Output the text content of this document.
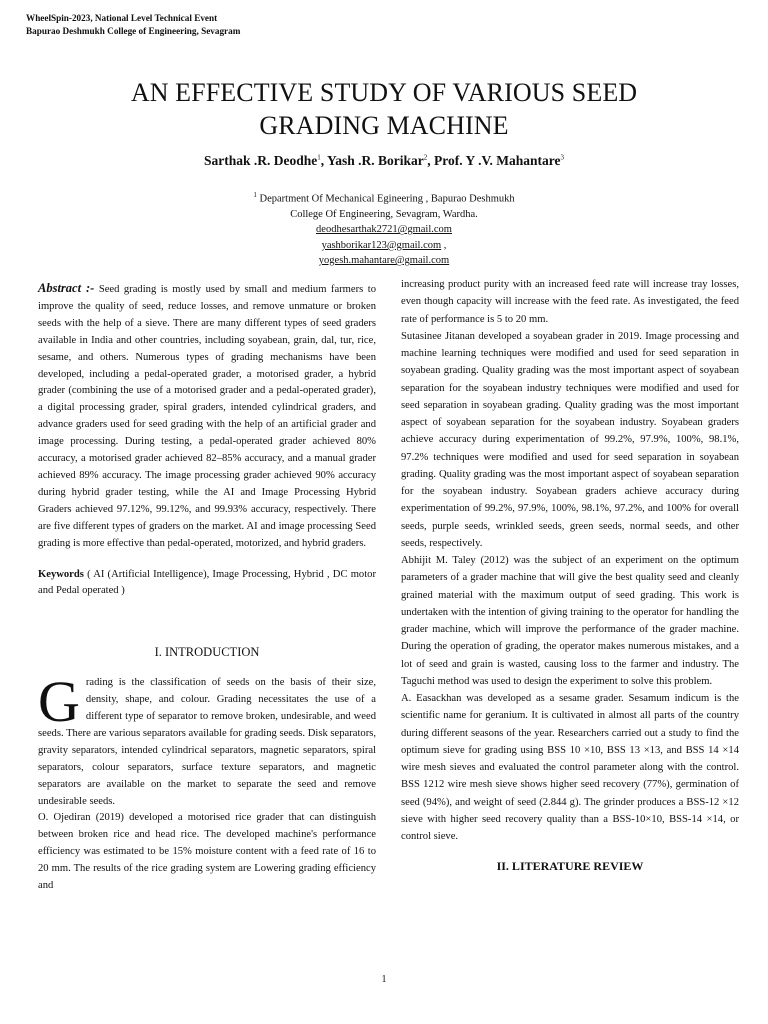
WheelSpin-2023, National Level Technical Event
Bapurao Deshmukh College of Engineering, Sevagram
AN EFFECTIVE STUDY OF VARIOUS SEED
GRADING MACHINE
Sarthak .R. Deodhe$^1$, Yash .R. Borikar$^2$, Prof. Y .V. Mahantare$^3$
$^1$ Department Of Mechanical Egineering , Bapurao Deshmukh
College Of Engineering, Sevagram, Wardha.
deodhesarthak2721@gmail.com
yashborikar123@gmail.com ,
yogesh.mahantare@gmail.com

Abstract :- Seed grading is mostly used by small and medium farmers to improve the quality of seed, reduce losses, and remove unmature or broken seeds with the help of a sieve. There are many different types of seed graders available in India and other countries, including soyabean, grain, dal, tur, rice, sesame, and others. Numerous types of grading mechanisms have been developed, including a pedal-operated grader, a motorised grader, a hybrid grader (combining the use of a motorised grader and a pedal-operated grader), a digital processing grader, spiral graders, intended cylindrical graders, and advance graders used for seed grading with the help of an artificial grader and image processing. During testing, a pedal-operated grader achieved 80% accuracy, a motorised grader achieved 82–85% accuracy, and a manual grader achieved 89% accuracy. The image processing grader achieved 90% accuracy during hybrid grader testing, while the AI and Image Processing Hybrid Graders achieved 97.12%, 99.12%, and 99.93% accuracy, respectively. There are five different types of graders on the market. AI and image processing Seed grading is more effective than pedal-operated, motorized, and hybrid graders.

Keywords ( AI (Artificial Intelligence), Image Processing, Hybrid , DC motor and Pedal operated )

I. INTRODUCTION

Grading is the classification of seeds on the basis of their size, density, shape, and colour. Grading necessitates the use of a different type of separator to remove broken, undesirable, and weed seeds. There are various separators available for grading seeds. Disk separators, gravity separators, intended cylindrical separators, magnetic separators, spiral separators, colour separators, surface texture separators, and magnetic separators are available on the market to separate the seed and remove undesirable seeds.

O. Ojediran (2019) developed a motorised rice grader that can distinguish between broken rice and head rice. The developed machine's performance efficiency was estimated to be 15% moisture content with a feed rate of 16 to 20 mm. The results of the rice grading system are Lowering grading efficiency and

increasing product purity with an increased feed rate will increase tray losses, even though capacity will increase with the feed rate. As investigated, the feed rate of performance is 5 to 20 mm.

Sutasinee Jitanan developed a soyabean grader in 2019. Image processing and machine learning techniques were modified and used for seed separation in soyabean grading. Quality grading was the most important aspect of soyabean separation for the soyabean industry techniques were modified and used for seed separation in soyabean grading. Quality grading was the most important aspect of soyabean separation for the soyabean industry. Soyabean graders achieve accuracy during experimentation of 99.2%, 97.9%, 100%, 98.1%, 97.2% techniques were modified and used for seed separation in soyabean grading. Quality grading was the most important aspect of soyabean separation for the soyabean industry. Soyabean graders achieve accuracy during experimentation of 99.2%, 97.9%, 100%, 98.1%, 97.2%, and 100% for overall seeds, purple seeds, wrinkled seeds, green seeds, normal seeds, and other seeds, respectively.

Abhijit M. Taley (2012) was the subject of an experiment on the optimum parameters of a grader machine that will give the best quality seed and cleanly grained material with the maximum output of seed grading. This work is undertaken with the intention of giving training to the operator for handling the grader machine, which will improve the performance of the grader machine. During the operation of grading, the operator makes numerous mistakes, and a lot of seed and grain is wasted, causing loss to the farmer and industry. The Taguchi method was used to design the experiment to solve this problem.

A. Easackhan was developed as a sesame grader. Sesamum indicum is the scientific name for geranium. It is cultivated in almost all parts of the country during different seasons of the year. Researchers carried out a study to find the optimum sieve for grading using BSS 10 ×10, BSS 13 ×13, and BSS 14 ×14 wire mesh sieves and evaluated the control parameter along with the control. BSS 1212 wire mesh sieve shows higher seed recovery (77%), germination of seed (94%), and weight of seed (2.844 g). The grinder produces a BSS-12 ×12 sieve with higher seed recovery quality than a BSS-10×10, BSS-14 ×14, or control sieve.

II. LITERATURE REVIEW

1
